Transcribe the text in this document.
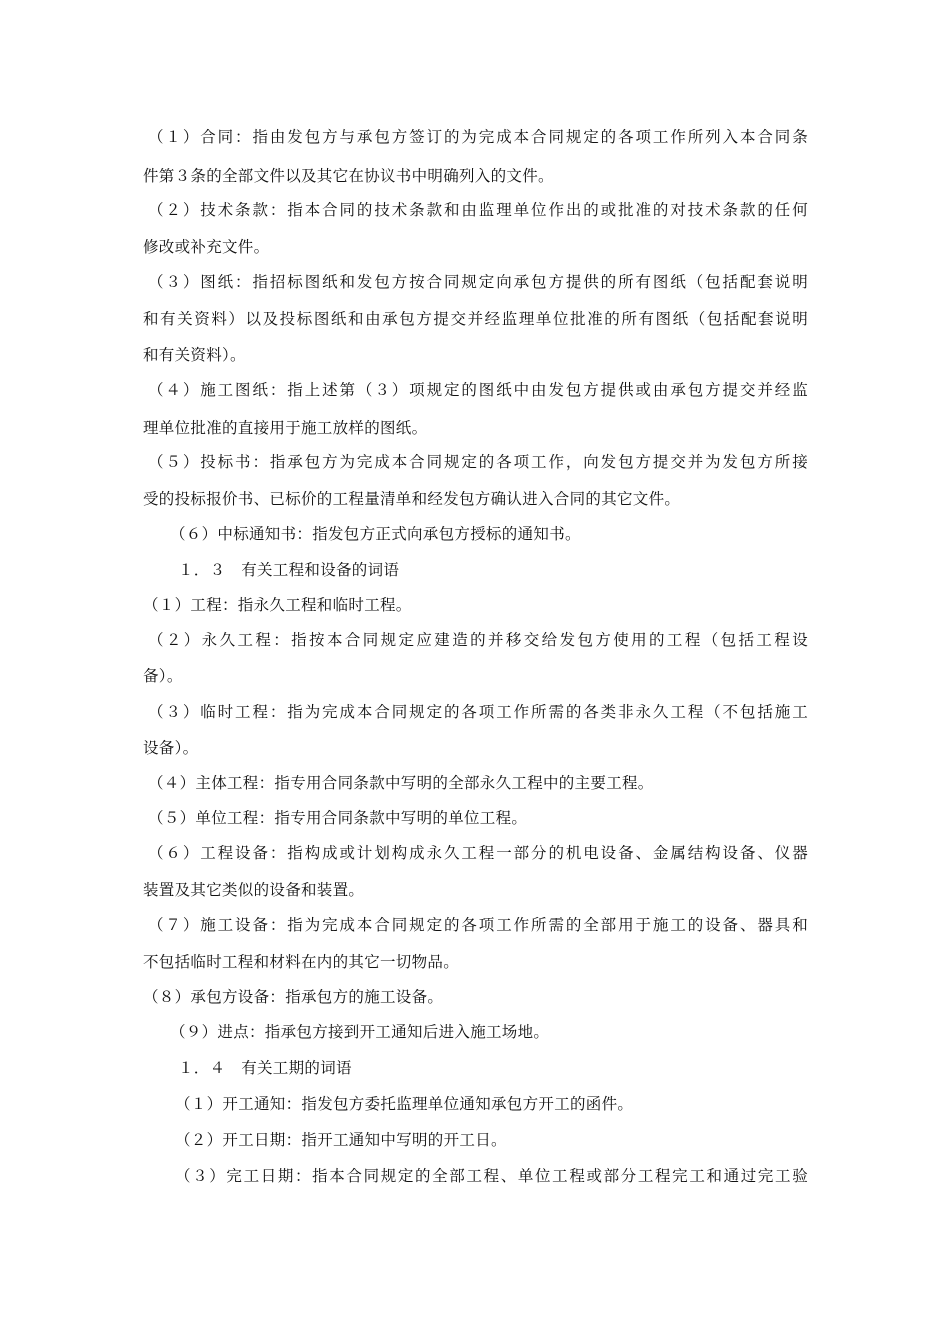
（１）合同：指由发包方与承包方签订的为完成本合同规定的各项工作所列入本合同条
件第３条的全部文件以及其它在协议书中明确列入的文件。
（２）技术条款：指本合同的技术条款和由监理单位作出的或批准的对技术条款的任何
修改或补充文件。
（３）图纸：指招标图纸和发包方按合同规定向承包方提供的所有图纸（包括配套说明
和有关资料）以及投标图纸和由承包方提交并经监理单位批准的所有图纸（包括配套说明
和有关资料）。
（４）施工图纸：指上述第（３）项规定的图纸中由发包方提供或由承包方提交并经监
理单位批准的直接用于施工放样的图纸。
（５）投标书：指承包方为完成本合同规定的各项工作，向发包方提交并为发包方所接
受的投标报价书、已标价的工程量清单和经发包方确认进入合同的其它文件。
（６）中标通知书：指发包方正式向承包方授标的通知书。
１．３　有关工程和设备的词语
（１）工程：指永久工程和临时工程。
（２）永久工程：指按本合同规定应建造的并移交给发包方使用的工程（包括工程设
备）。
（３）临时工程：指为完成本合同规定的各项工作所需的各类非永久工程（不包括施工
设备）。
（４）主体工程：指专用合同条款中写明的全部永久工程中的主要工程。
（５）单位工程：指专用合同条款中写明的单位工程。
（６）工程设备：指构成或计划构成永久工程一部分的机电设备、金属结构设备、仪器
装置及其它类似的设备和装置。
（７）施工设备：指为完成本合同规定的各项工作所需的全部用于施工的设备、器具和
不包括临时工程和材料在内的其它一切物品。
（８）承包方设备：指承包方的施工设备。
（９）进点：指承包方接到开工通知后进入施工场地。
１．４　有关工期的词语
（１）开工通知：指发包方委托监理单位通知承包方开工的函件。
（２）开工日期：指开工通知中写明的开工日。
（３）完工日期：指本合同规定的全部工程、单位工程或部分工程完工和通过完工验
